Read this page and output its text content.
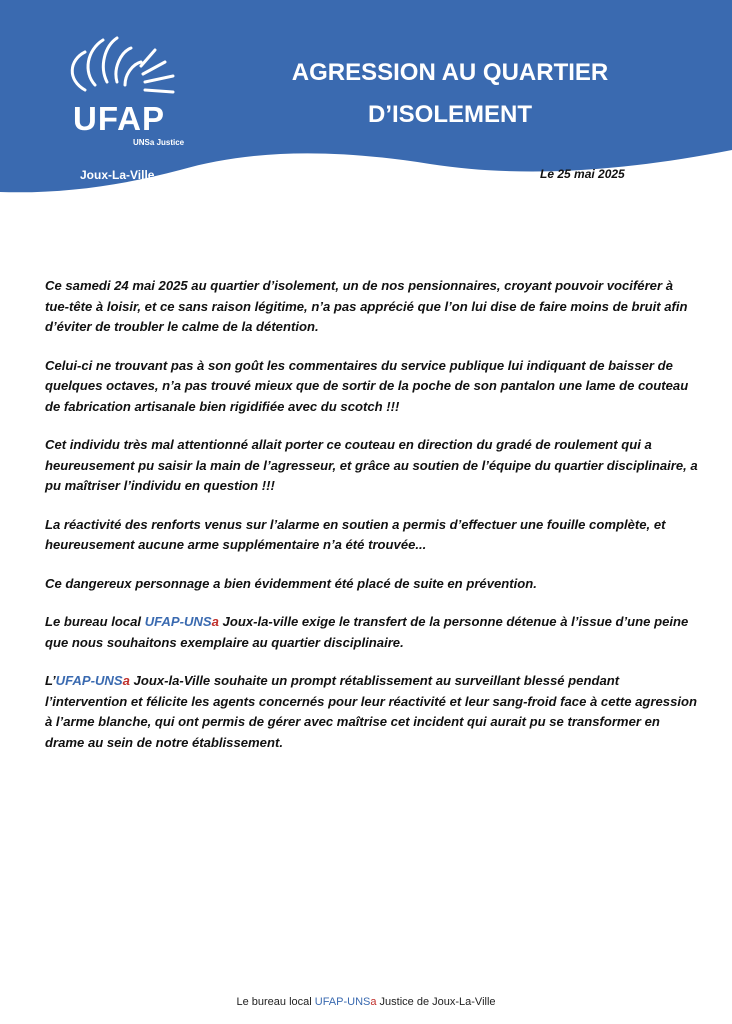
UFAP
UNSa Justice
AGRESSION AU QUARTIER
D’ISOLEMENT
Joux-La-Ville	Le 25 mai 2025

Ce samedi 24 mai 2025 au quartier d’isolement, un de nos pensionnaires, croyant pouvoir vociférer à tue-tête à loisir, et ce sans raison légitime, n’a pas apprécié que l’on lui dise de faire moins de bruit afin d’éviter de troubler le calme de la détention.

Celui-ci ne trouvant pas à son goût les commentaires du service publique lui indiquant de baisser de quelques octaves, n’a pas trouvé mieux que de sortir de la poche de son pantalon une lame de couteau de fabrication artisanale bien rigidifiée avec du scotch !!!

Cet individu très mal attentionné allait porter ce couteau en direction du gradé de roulement qui a heureusement pu saisir la main de l’agresseur, et grâce au soutien de l’équipe du quartier disciplinaire, a pu maîtriser l’individu en question !!!

La réactivité des renforts venus sur l’alarme en soutien a permis d’effectuer une fouille complète, et heureusement aucune arme supplémentaire n’a été trouvée...

Ce dangereux personnage a bien évidemment été placé de suite en prévention.

Le bureau local UFAP-UNSa Joux-la-ville exige le transfert de la personne détenue à l’issue d’une peine que nous souhaitons exemplaire au quartier disciplinaire.

L’UFAP-UNSa Joux-la-Ville souhaite un prompt rétablissement au surveillant blessé pendant l’intervention et félicite les agents concernés pour leur réactivité et leur sang-froid face à cette agression à l’arme blanche, qui ont permis de gérer avec maîtrise cet incident qui aurait pu se transformer en drame au sein de notre établissement.

Le bureau local UFAP-UNSa Justice de Joux-La-Ville
